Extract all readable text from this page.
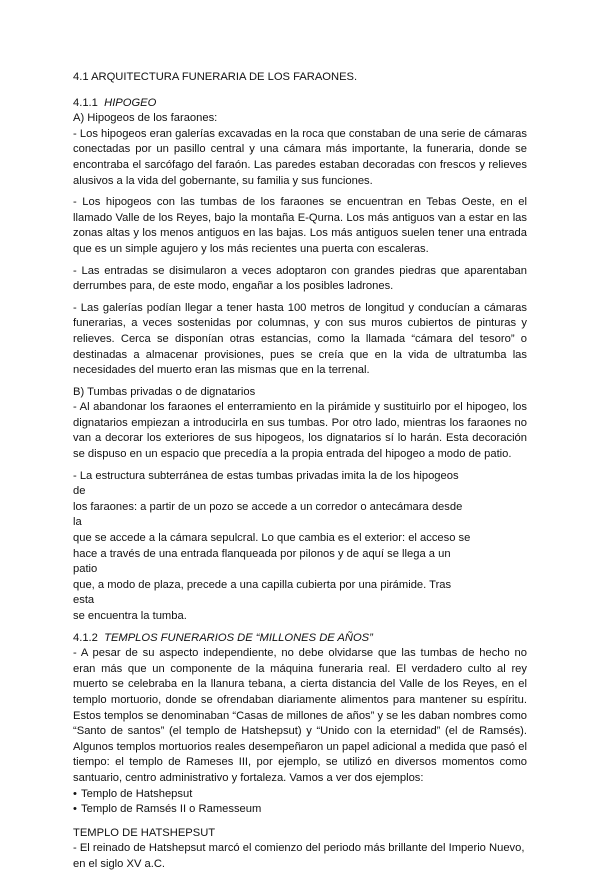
4.1 ARQUITECTURA FUNERARIA DE LOS FARAONES.
4.1.1 HIPOGEO
A) Hipogeos de los faraones:

- Los hipogeos eran galerías excavadas en la roca que constaban de una serie de cámaras conectadas por un pasillo central y una cámara más importante, la funeraria, donde se encontraba el sarcófago del faraón. Las paredes estaban decoradas con frescos y relieves alusivos a la vida del gobernante, su familia y sus funciones.

- Los hipogeos con las tumbas de los faraones se encuentran en Tebas Oeste, en el llamado Valle de los Reyes, bajo la montaña E-Qurna. Los más antiguos van a estar en las zonas altas y los menos antiguos en las bajas. Los más antiguos suelen tener una entrada que es un simple agujero y los más recientes una puerta con escaleras.

- Las entradas se disimularon a veces adoptaron con grandes piedras que aparentaban derrumbes para, de este modo, engañar a los posibles ladrones.

- Las galerías podían llegar a tener hasta 100 metros de longitud y conducían a cámaras funerarias, a veces sostenidas por columnas, y con sus muros cubiertos de pinturas y relieves. Cerca se disponían otras estancias, como la llamada “cámara del tesoro” o destinadas a almacenar provisiones, pues se creía que en la vida de ultratumba las necesidades del muerto eran las mismas que en la terrenal.

B) Tumbas privadas o de dignatarios

- Al abandonar los faraones el enterramiento en la pirámide y sustituirlo por el hipogeo, los dignatarios empiezan a introducirla en sus tumbas. Por otro lado, mientras los faraones no van a decorar los exteriores de sus hipogeos, los dignatarios sí lo harán. Esta decoración se dispuso en un espacio que precedía a la propia entrada del hipogeo a modo de patio.

- La estructura subterránea de estas tumbas privadas imita la de los hipogeos de
los faraones: a partir de un pozo se accede a un corredor o antecámara desde la
que se accede a la cámara sepulcral. Lo que cambia es el exterior: el acceso se
hace a través de una entrada flanqueada por pilonos y de aquí se llega a un patio
que, a modo de plaza, precede a una capilla cubierta por una pirámide. Tras esta
se encuentra la tumba.
4.1.2 TEMPLOS FUNERARIOS DE “MILLONES DE AÑOS”

- A pesar de su aspecto independiente, no debe olvidarse que las tumbas de hecho no eran más que un componente de la máquina funeraria real. El verdadero culto al rey muerto se celebraba en la llanura tebana, a cierta distancia del Valle de los Reyes, en el templo mortuorio, donde se ofrendaban diariamente alimentos para mantener su espíritu. Estos templos se denominaban “Casas de millones de años” y se les daban nombres como “Santo de santos” (el templo de Hatshepsut) y “Unido con la eternidad” (el de Ramsés). Algunos templos mortuorios reales desempeñaron un papel adicional a medida que pasó el tiempo: el templo de Rameses III, por ejemplo, se utilizó en diversos momentos como santuario, centro administrativo y fortaleza. Vamos a ver dos ejemplos:

• Templo de Hatshepsut
• Templo de Ramsés II o Ramesseum
TEMPLO DE HATSHEPSUT

- El reinado de Hatshepsut marcó el comienzo del periodo más brillante del Imperio Nuevo, en el siglo XV a.C.
